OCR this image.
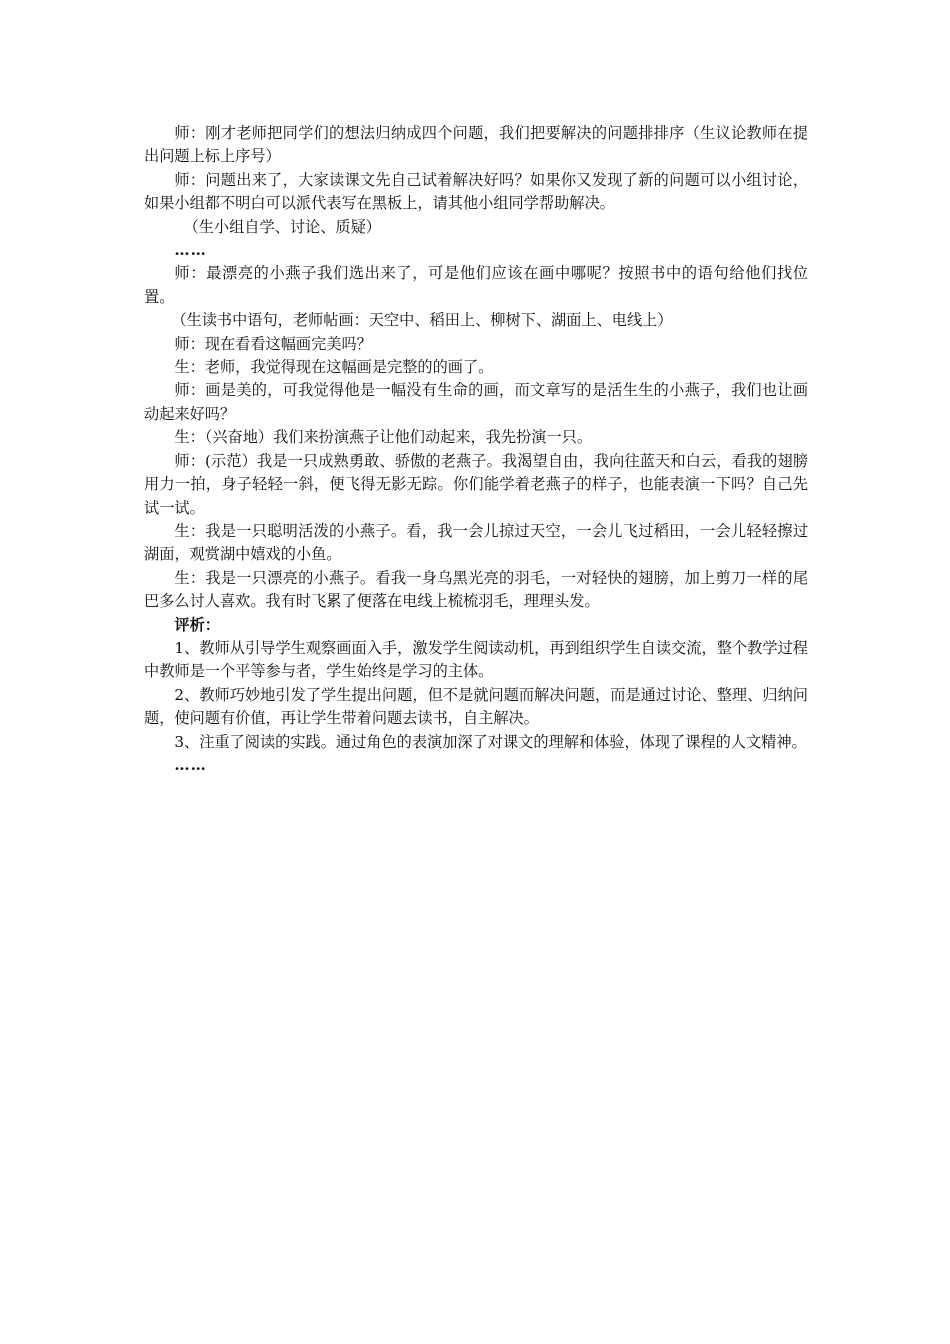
师：刚才老师把同学们的想法归纳成四个问题，我们把要解决的问题排排序（生议论教师在提出问题上标上序号）

师：问题出来了，大家读课文先自己试着解决好吗？如果你又发现了新的问题可以小组讨论，如果小组都不明白可以派代表写在黑板上，请其他小组同学帮助解决。

（生小组自学、讨论、质疑）

……

师：最漂亮的小燕子我们选出来了，可是他们应该在画中哪呢？按照书中的语句给他们找位置。

（生读书中语句，老师帖画：天空中、稻田上、柳树下、湖面上、电线上）

师：现在看看这幅画完美吗？

生：老师，我觉得现在这幅画是完整的的画了。

师：画是美的，可我觉得他是一幅没有生命的画，而文章写的是活生生的小燕子，我们也让画动起来好吗？

生：（兴奋地）我们来扮演燕子让他们动起来，我先扮演一只。

师：(示范）我是一只成熟勇敢、骄傲的老燕子。我渴望自由，我向往蓝天和白云，看我的翅膀用力一拍，身子轻轻一斜，便飞得无影无踪。你们能学着老燕子的样子，也能表演一下吗？自己先试一试。

生：我是一只聪明活泼的小燕子。看，我一会儿掠过天空，一会儿飞过稻田，一会儿轻轻擦过湖面，观赏湖中嬉戏的小鱼。

生：我是一只漂亮的小燕子。看我一身乌黑光亮的羽毛，一对轻快的翅膀，加上剪刀一样的尾巴多么讨人喜欢。我有时飞累了便落在电线上梳梳羽毛，理理头发。

评析：

1、教师从引导学生观察画面入手，激发学生阅读动机，再到组织学生自读交流，整个教学过程中教师是一个平等参与者，学生始终是学习的主体。

2、教师巧妙地引发了学生提出问题，但不是就问题而解决问题，而是通过讨论、整理、归纳问题，使问题有价值，再让学生带着问题去读书，自主解决。

3、注重了阅读的实践。通过角色的表演加深了对课文的理解和体验，体现了课程的人文精神。

……
